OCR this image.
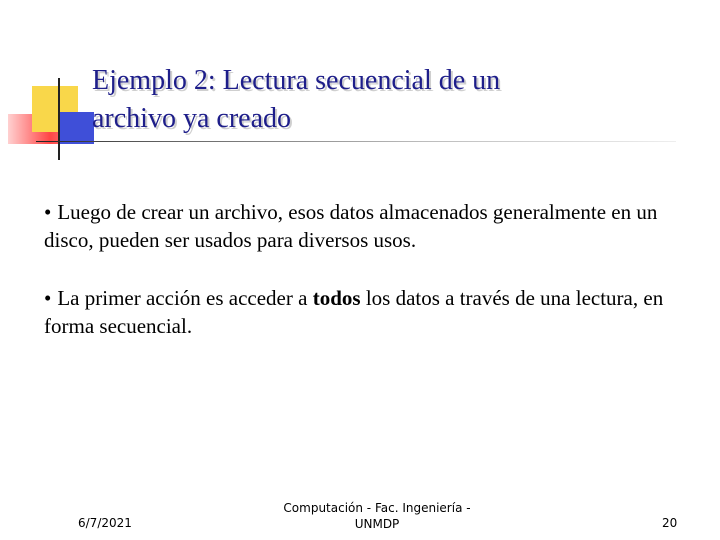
Ejemplo 2: Lectura secuencial de un
archivo ya creado
• Luego de crear un archivo, esos datos almacenados generalmente en un disco, pueden ser usados para diversos usos.
• La primer acción es acceder a todos los datos a través de una lectura, en forma secuencial.
6/7/2021
Computación - Fac. Ingeniería -
UNMDP	20
